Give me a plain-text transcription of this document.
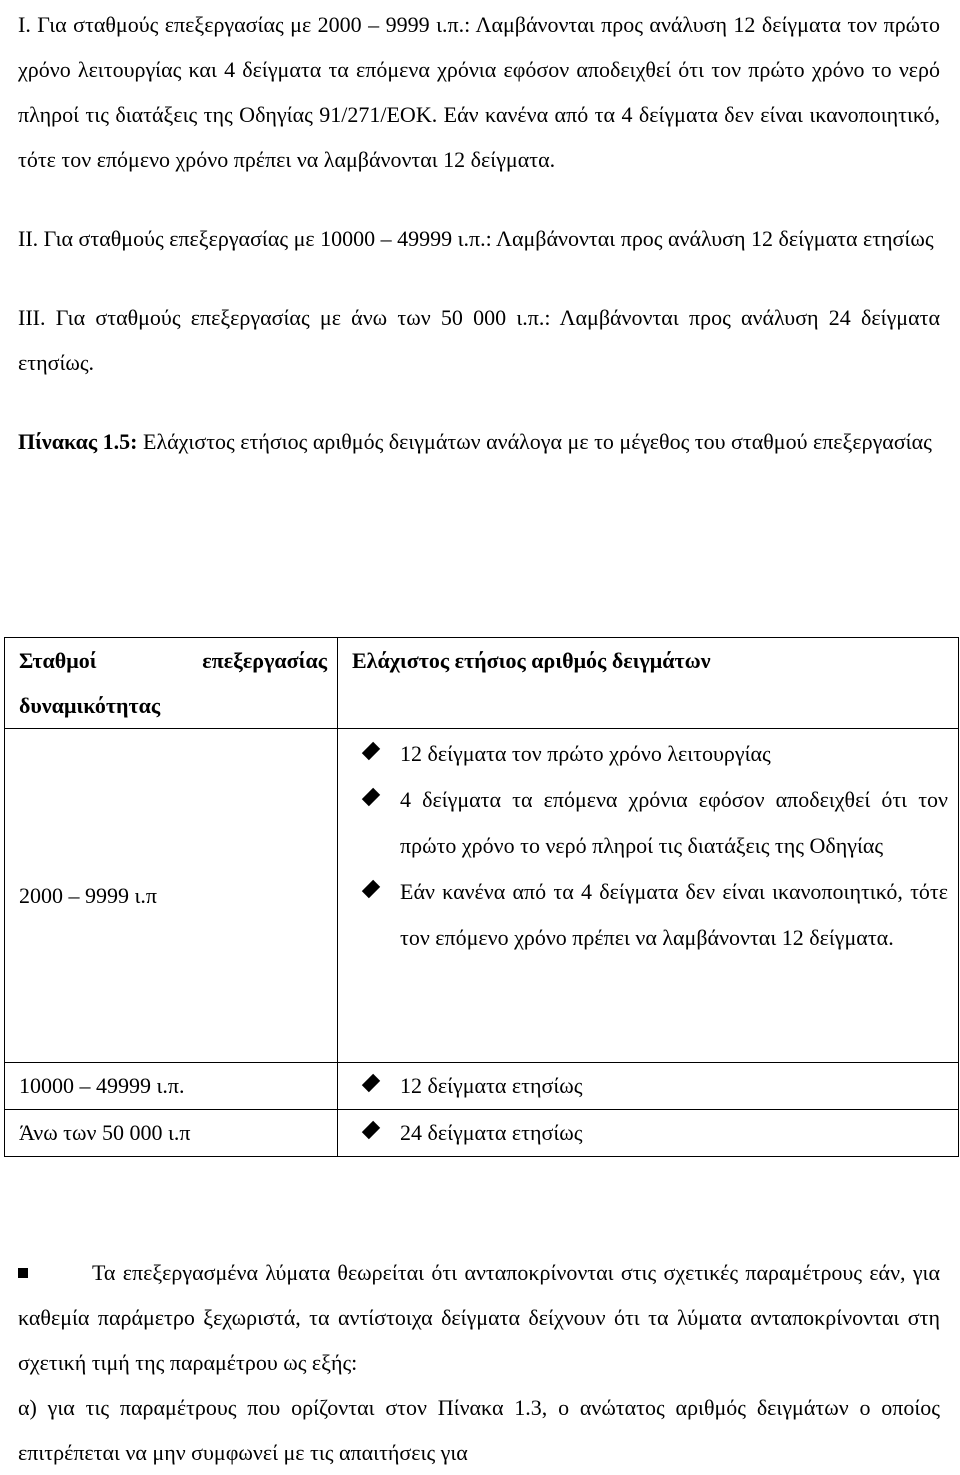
I. Για σταθμούς επεξεργασίας με 2000 – 9999 ι.π.: Λαμβάνονται προς ανάλυση 12 δείγματα τον πρώτο χρόνο λειτουργίας και 4 δείγματα τα επόμενα χρόνια εφόσον αποδειχθεί ότι τον πρώτο χρόνο το νερό πληροί τις διατάξεις της Οδηγίας 91/271/ΕΟΚ. Εάν κανένα από τα 4 δείγματα δεν είναι ικανοποιητικό, τότε τον επόμενο χρόνο πρέπει να λαμβάνονται 12 δείγματα.

II. Για σταθμούς επεξεργασίας με 10000 – 49999 ι.π.: Λαμβάνονται προς ανάλυση 12 δείγματα ετησίως

III. Για σταθμούς επεξεργασίας με άνω των 50 000 ι.π.: Λαμβάνονται προς ανάλυση 24 δείγματα ετησίως.

Πίνακας 1.5: Ελάχιστος ετήσιος αριθμός δειγμάτων ανάλογα με το μέγεθος του σταθμού επεξεργασίας

Σταθμοί επεξεργασίας
δυναμικότητας	Ελάχιστος ετήσιος αριθμός δειγμάτων
2000 – 9999 ι.π	12 δείγματα τον πρώτο χρόνο λειτουργίας
4 δείγματα τα επόμενα χρόνια εφόσον αποδειχθεί ότι τον πρώτο χρόνο το νερό πληροί τις διατάξεις της Οδηγίας
Εάν κανένα από τα 4 δείγματα δεν είναι ικανοποιητικό, τότε τον επόμενο χρόνο πρέπει να λαμβάνονται 12 δείγματα.

10000 – 49999 ι.π.	12 δείγματα ετησίως

Άνω των 50 000 ι.π	24 δείγματα ετησίως

Τα επεξεργασμένα λύματα θεωρείται ότι ανταποκρίνονται στις σχετικές παραμέτρους εάν, για καθεμία παράμετρο ξεχωριστά, τα αντίστοιχα δείγματα δείχνουν ότι τα λύματα ανταποκρίνονται στη σχετική τιμή της παραμέτρου ως εξής:

α) για τις παραμέτρους που ορίζονται στον Πίνακα 1.3, ο ανώτατος αριθμός δειγμάτων ο οποίος επιτρέπεται να μην συμφωνεί με τις απαιτήσεις για
